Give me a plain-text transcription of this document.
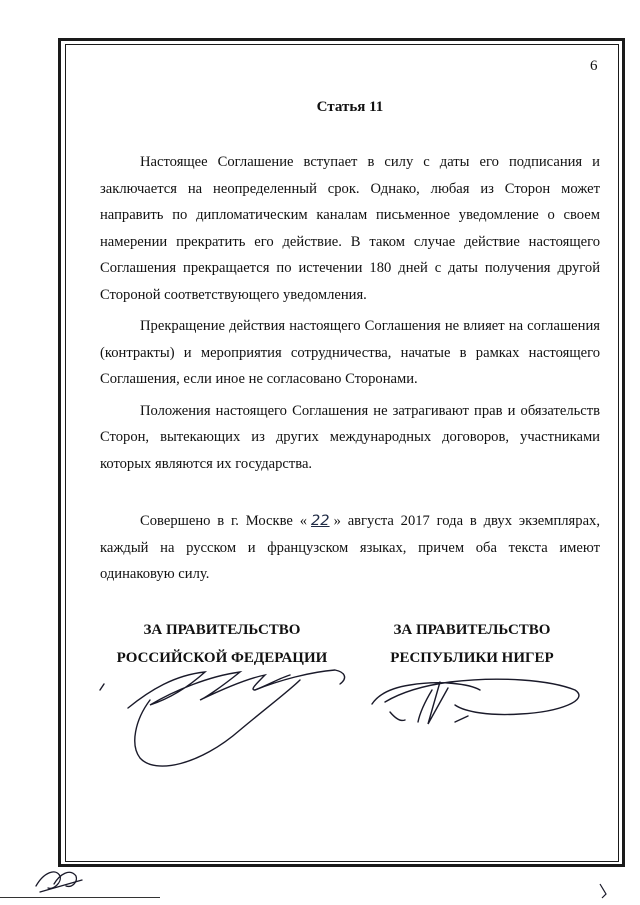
6
Статья 11

Настоящее Соглашение вступает в силу с даты его подписания и заключается на неопределенный срок. Однако, любая из Сторон может направить по дипломатическим каналам письменное уведомление о своем намерении прекратить его действие. В таком случае действие настоящего Соглашения прекращается по истечении 180 дней с даты получения другой Стороной соответствующего уведомления.

Прекращение действия настоящего Соглашения не влияет на соглашения (контракты) и мероприятия сотрудничества, начатые в рамках настоящего Соглашения, если иное не согласовано Сторонами.

Положения настоящего Соглашения не затрагивают прав и обязательств Сторон, вытекающих из других международных договоров, участниками которых являются их государства.

Совершено в г. Москве « 22 » августа 2017 года в двух экземплярах, каждый на русском и французском языках, причем оба текста имеют одинаковую силу.

ЗА ПРАВИТЕЛЬСТВО
РОССИЙСКОЙ ФЕДЕРАЦИИ
ЗА ПРАВИТЕЛЬСТВО
РЕСПУБЛИКИ НИГЕР
